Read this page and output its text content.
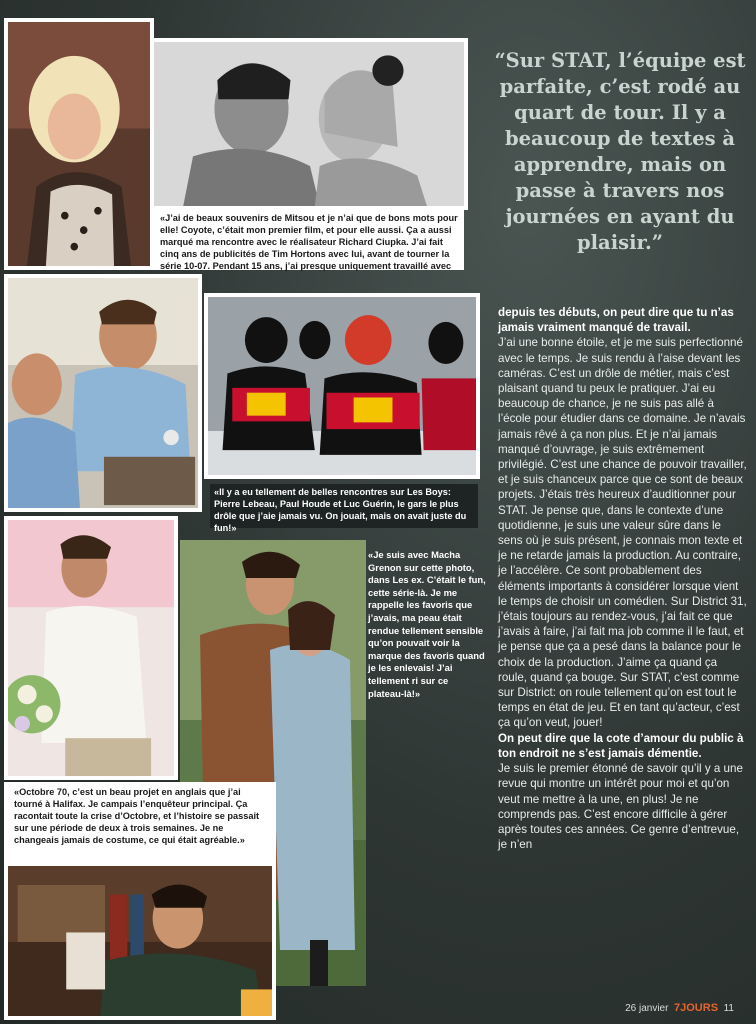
«J’ai de beaux souvenirs de Mitsou et je n’ai que de bons mots pour elle! Coyote, c’était mon premier film, et pour elle aussi. Ça a aussi marqué ma rencontre avec le réalisateur Richard Ciupka. J’ai fait cinq ans de publicités de Tim Hortons avec lui, avant de tourner la série 10-07. Pendant 15 ans, j’ai presque uniquement travaillé avec
«Il y a eu tellement de belles rencontres sur Les Boys: Pierre Lebeau, Paul Houde et Luc Guérin, le gars le plus drôle que j’aie jamais vu. On jouait, mais on avait juste du fun!»
«Je suis avec Macha Grenon sur cette photo, dans Les ex. C’était le fun, cette série-là. Je me rappelle les favoris que j’avais, ma peau était rendue tellement sensible qu’on pouvait voir la marque des favoris quand je les enlevais! J’ai tellement ri sur ce plateau-là!»
«Octobre 70, c’est un beau projet en anglais que j’ai tourné à Halifax. Je campais l’enquêteur principal. Ça racontait toute la crise d’Octobre, et l’histoire se passait sur une période de deux à trois semaines. Je ne changeais jamais de costume, ce qui était agréable.»
“Sur STAT, l’équipe est parfaite, c’est rodé au quart de tour. Il y a beaucoup de textes à apprendre, mais on passe à travers nos journées en ayant du plaisir.”

depuis tes débuts, on peut dire que tu n’as jamais vraiment manqué de travail.

J’ai une bonne étoile, et je me suis perfectionné avec le temps. Je suis rendu à l’aise devant les caméras. C’est un drôle de métier, mais c’est plaisant quand tu peux le pratiquer. J’ai eu beaucoup de chance, je ne suis pas allé à l’école pour étudier dans ce domaine. Je n’avais jamais rêvé à ça non plus. Et je n’ai jamais manqué d’ouvrage, je suis extrêmement privilégié. C’est une chance de pouvoir travailler, et je suis chanceux parce que ce sont de beaux projets. J’étais très heureux d’auditionner pour STAT. Je pense que, dans le contexte d’une quotidienne, je suis une valeur sûre dans le sens où je suis présent, je connais mon texte et je ne retarde jamais la production. Au contraire, je l’accélère. Ce sont probablement des éléments importants à considérer lorsque vient le temps de choisir un comédien. Sur District 31, j’étais toujours au rendez-vous, j’ai fait ce que j’avais à faire, j’ai fait ma job comme il le faut, et je pense que ça a pesé dans la balance pour le choix de la production. J’aime ça quand ça roule, quand ça bouge. Sur STAT, c’est comme sur District: on roule tellement qu’on est tout le temps en état de jeu. Et en tant qu’acteur, c’est ça qu’on veut, jouer!

On peut dire que la cote d’amour du public à ton endroit ne s’est jamais démentie.

Je suis le premier étonné de savoir qu’il y a une revue qui montre un intérêt pour moi et qu’on veut me mettre à la une, en plus! Je ne comprends pas. C’est encore difficile à gérer après toutes ces années. Ce genre d’entrevue, je n’en

26 janvier 7JOURS 11
